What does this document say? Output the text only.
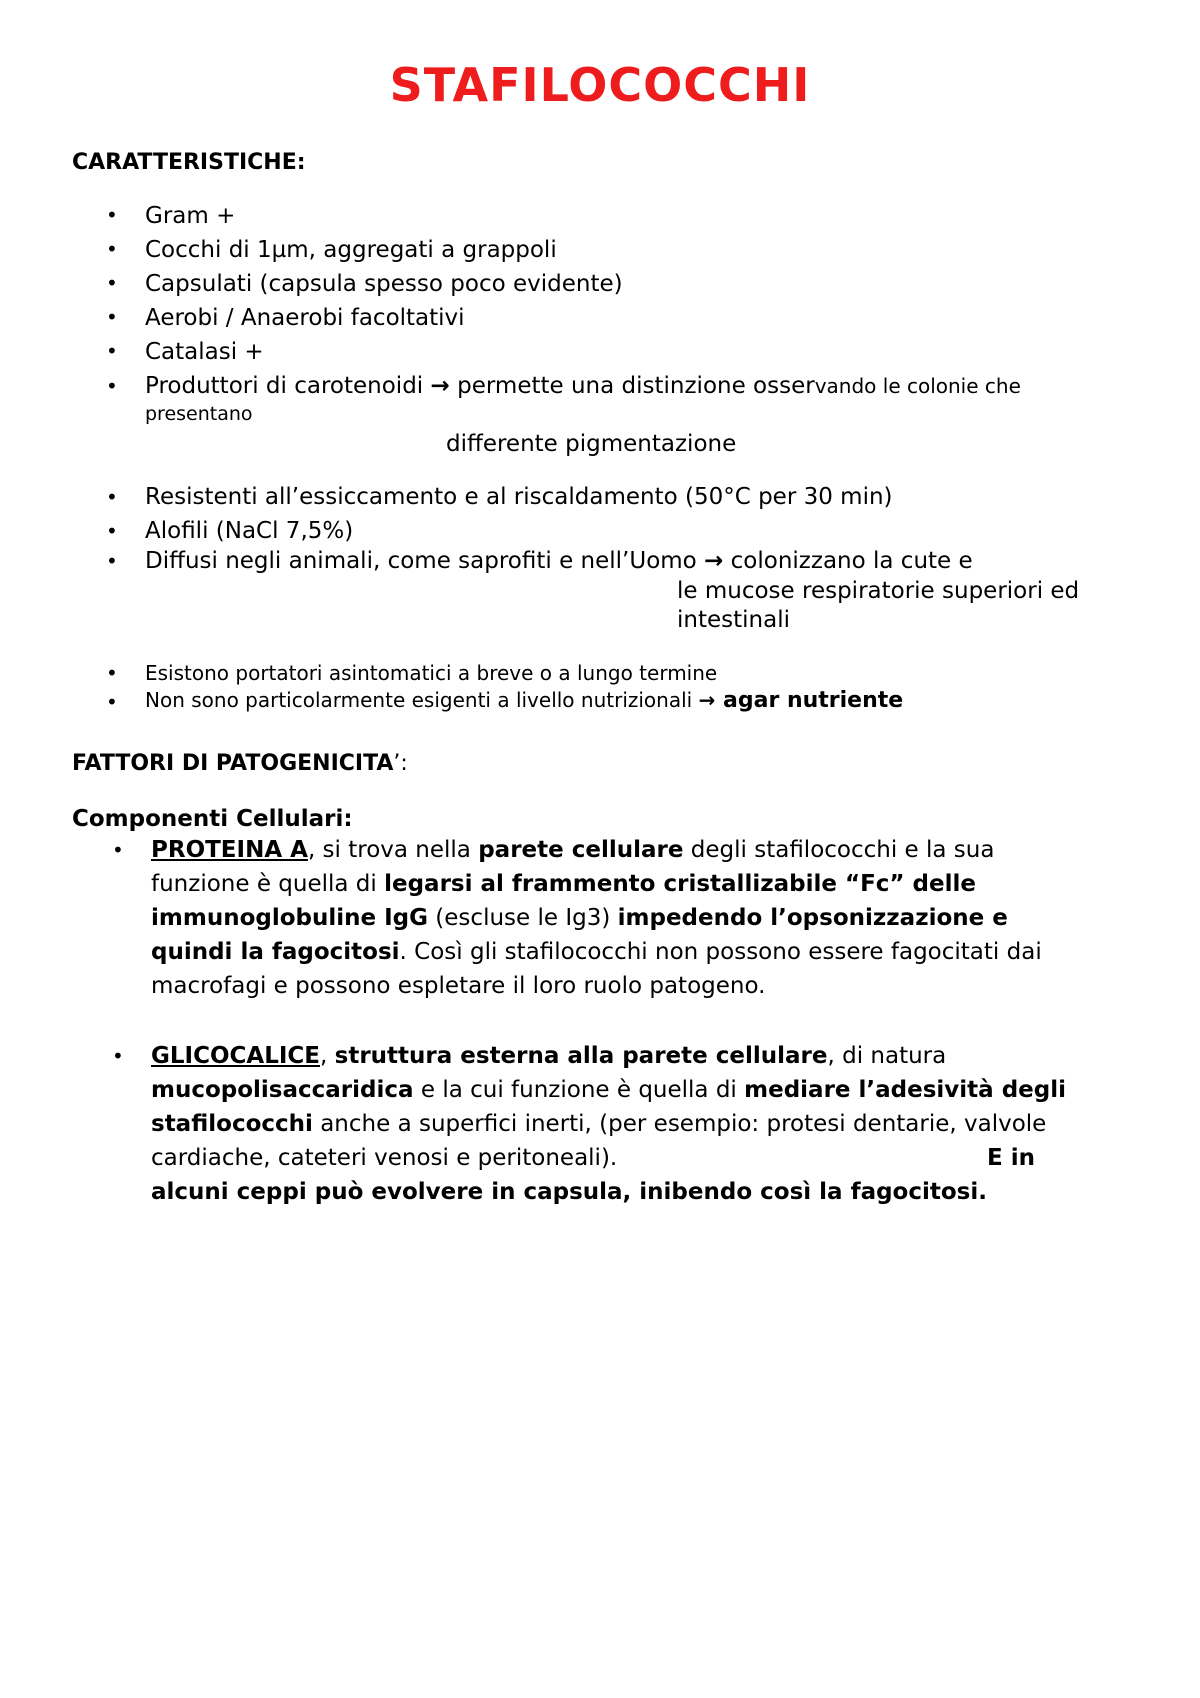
STAFILOCOCCHI
CARATTERISTICHE:
• Gram +
• Cocchi di 1µm, aggregati a grappoli
• Capsulati (capsula spesso poco evidente)
• Aerobi / Anaerobi facoltativi
• Catalasi +
• Produttori di carotenoidi → permette una distinzione osservando le colonie che
presentano
differente pigmentazione
• Resistenti all’essiccamento e al riscaldamento (50°C per 30 min)
• Alofili (NaCl 7,5%)
• Diffusi negli animali, come saprofiti e nell’Uomo → colonizzano la cute e
le mucose respiratorie superiori ed
intestinali
• Esistono portatori asintomatici a breve o a lungo termine
• Non sono particolarmente esigenti a livello nutrizionali → agar nutriente
FATTORI DI PATOGENICITA’:
Componenti Cellulari:
• PROTEINA A, si trova nella parete cellulare degli stafilococchi e la sua
funzione è quella di legarsi al frammento cristallizabile “Fc” delle
immunoglobuline IgG (escluse le Ig3) impedendo l’opsonizzazione e
quindi la fagocitosi. Così gli stafilococchi non possono essere fagocitati dai
macrofagi e possono espletare il loro ruolo patogeno.
• GLICOCALICE, struttura esterna alla parete cellulare, di natura
mucopolisaccaridica e la cui funzione è quella di mediare l’adesività degli
stafilococchi anche a superfici inerti, (per esempio: protesi dentarie, valvole
cardiache, cateteri venosi e peritoneali).	E in
alcuni ceppi può evolvere in capsula, inibendo così la fagocitosi.
